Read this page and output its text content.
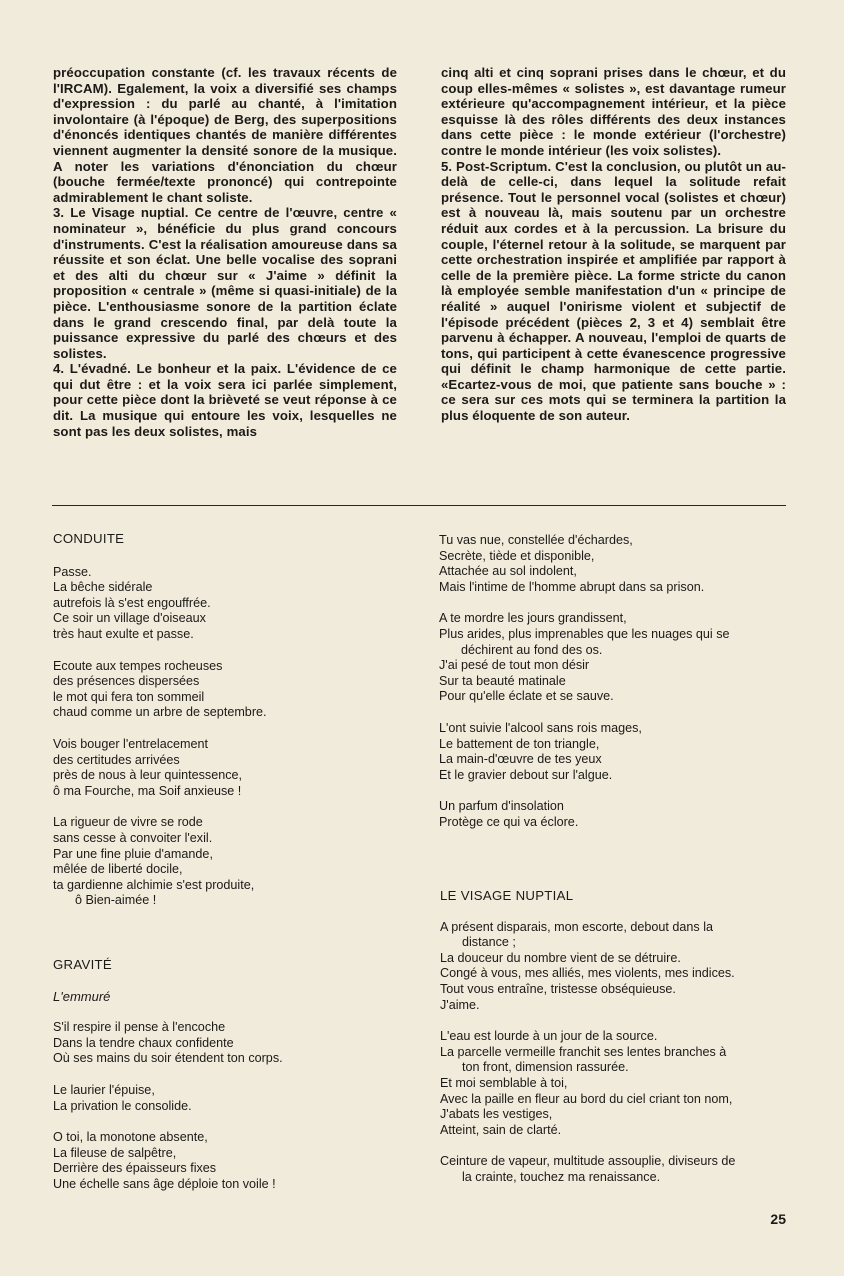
préoccupation constante (cf. les travaux récents de l'IRCAM). Egalement, la voix a diversifié ses champs d'expression : du parlé au chanté, à l'imitation involontaire (à l'époque) de Berg, des superpositions d'énoncés identiques chantés de manière différentes viennent augmenter la densité sonore de la musique. A noter les variations d'énonciation du chœur (bouche fermée/texte prononcé) qui contrepointe admirablement le chant soliste.

3. Le Visage nuptial. Ce centre de l'œuvre, centre « nominateur », bénéficie du plus grand concours d'instruments. C'est la réalisation amoureuse dans sa réussite et son éclat. Une belle vocalise des soprani et des alti du chœur sur « J'aime » définit la proposition « centrale » (même si quasi-initiale) de la pièce. L'enthousiasme sonore de la partition éclate dans le grand crescendo final, par delà toute la puissance expressive du parlé des chœurs et des solistes.

4. L'évadné. Le bonheur et la paix. L'évidence de ce qui dut être : et la voix sera ici parlée simplement, pour cette pièce dont la brièveté se veut réponse à ce dit. La musique qui entoure les voix, lesquelles ne sont pas les deux solistes, mais

cinq alti et cinq soprani prises dans le chœur, et du coup elles-mêmes « solistes », est davantage rumeur extérieure qu'accompagnement intérieur, et la pièce esquisse là des rôles différents des deux instances dans cette pièce : le monde extérieur (l'orchestre) contre le monde intérieur (les voix solistes).

5. Post-Scriptum. C'est la conclusion, ou plutôt un au-delà de celle-ci, dans lequel la solitude refait présence. Tout le personnel vocal (solistes et chœur) est à nouveau là, mais soutenu par un orchestre réduit aux cordes et à la percussion. La brisure du couple, l'éternel retour à la solitude, se marquent par cette orchestration inspirée et amplifiée par rapport à celle de la première pièce. La forme stricte du canon là employée semble manifestation d'un « principe de réalité » auquel l'onirisme violent et subjectif de l'épisode précédent (pièces 2, 3 et 4) semblait être parvenu à échapper. A nouveau, l'emploi de quarts de tons, qui participent à cette évanescence progressive qui définit le champ harmonique de cette partie. «Ecartez-vous de moi, que patiente sans bouche » : ce sera sur ces mots qui se terminera la partition la plus éloquente de son auteur.

CONDUITE
Passe.
La bêche sidérale
autrefois là s'est engouffrée.
Ce soir un village d'oiseaux
très haut exulte et passe.
Ecoute aux tempes rocheuses
des présences dispersées
le mot qui fera ton sommeil
chaud comme un arbre de septembre.
Vois bouger l'entrelacement
des certitudes arrivées
près de nous à leur quintessence,
ô ma Fourche, ma Soif anxieuse !
La rigueur de vivre se rode
sans cesse à convoiter l'exil.
Par une fine pluie d'amande,
mêlée de liberté docile,
ta gardienne alchimie s'est produite,
ô Bien-aimée !
GRAVITÉ

L'emmuré

S'il respire il pense à l'encoche
Dans la tendre chaux confidente
Où ses mains du soir étendent ton corps.
Le laurier l'épuise,
La privation le consolide.
O toi, la monotone absente,
La fileuse de salpêtre,
Derrière des épaisseurs fixes
Une échelle sans âge déploie ton voile !
Tu vas nue, constellée d'échardes,
Secrète, tiède et disponible,
Attachée au sol indolent,
Mais l'intime de l'homme abrupt dans sa prison.
A te mordre les jours grandissent,
Plus arides, plus imprenables que les nuages qui se
déchirent au fond des os.
J'ai pesé de tout mon désir
Sur ta beauté matinale
Pour qu'elle éclate et se sauve.
L'ont suivie l'alcool sans rois mages,
Le battement de ton triangle,
La main-d'œuvre de tes yeux
Et le gravier debout sur l'algue.
Un parfum d'insolation
Protège ce qui va éclore.
LE VISAGE NUPTIAL
A présent disparais, mon escorte, debout dans la
distance ;
La douceur du nombre vient de se détruire.
Congé à vous, mes alliés, mes violents, mes indices.
Tout vous entraîne, tristesse obséquieuse.
J'aime.
L'eau est lourde à un jour de la source.
La parcelle vermeille franchit ses lentes branches à
ton front, dimension rassurée.
Et moi semblable à toi,
Avec la paille en fleur au bord du ciel criant ton nom,
J'abats les vestiges,
Atteint, sain de clarté.
Ceinture de vapeur, multitude assouplie, diviseurs de
la crainte, touchez ma renaissance.
25
